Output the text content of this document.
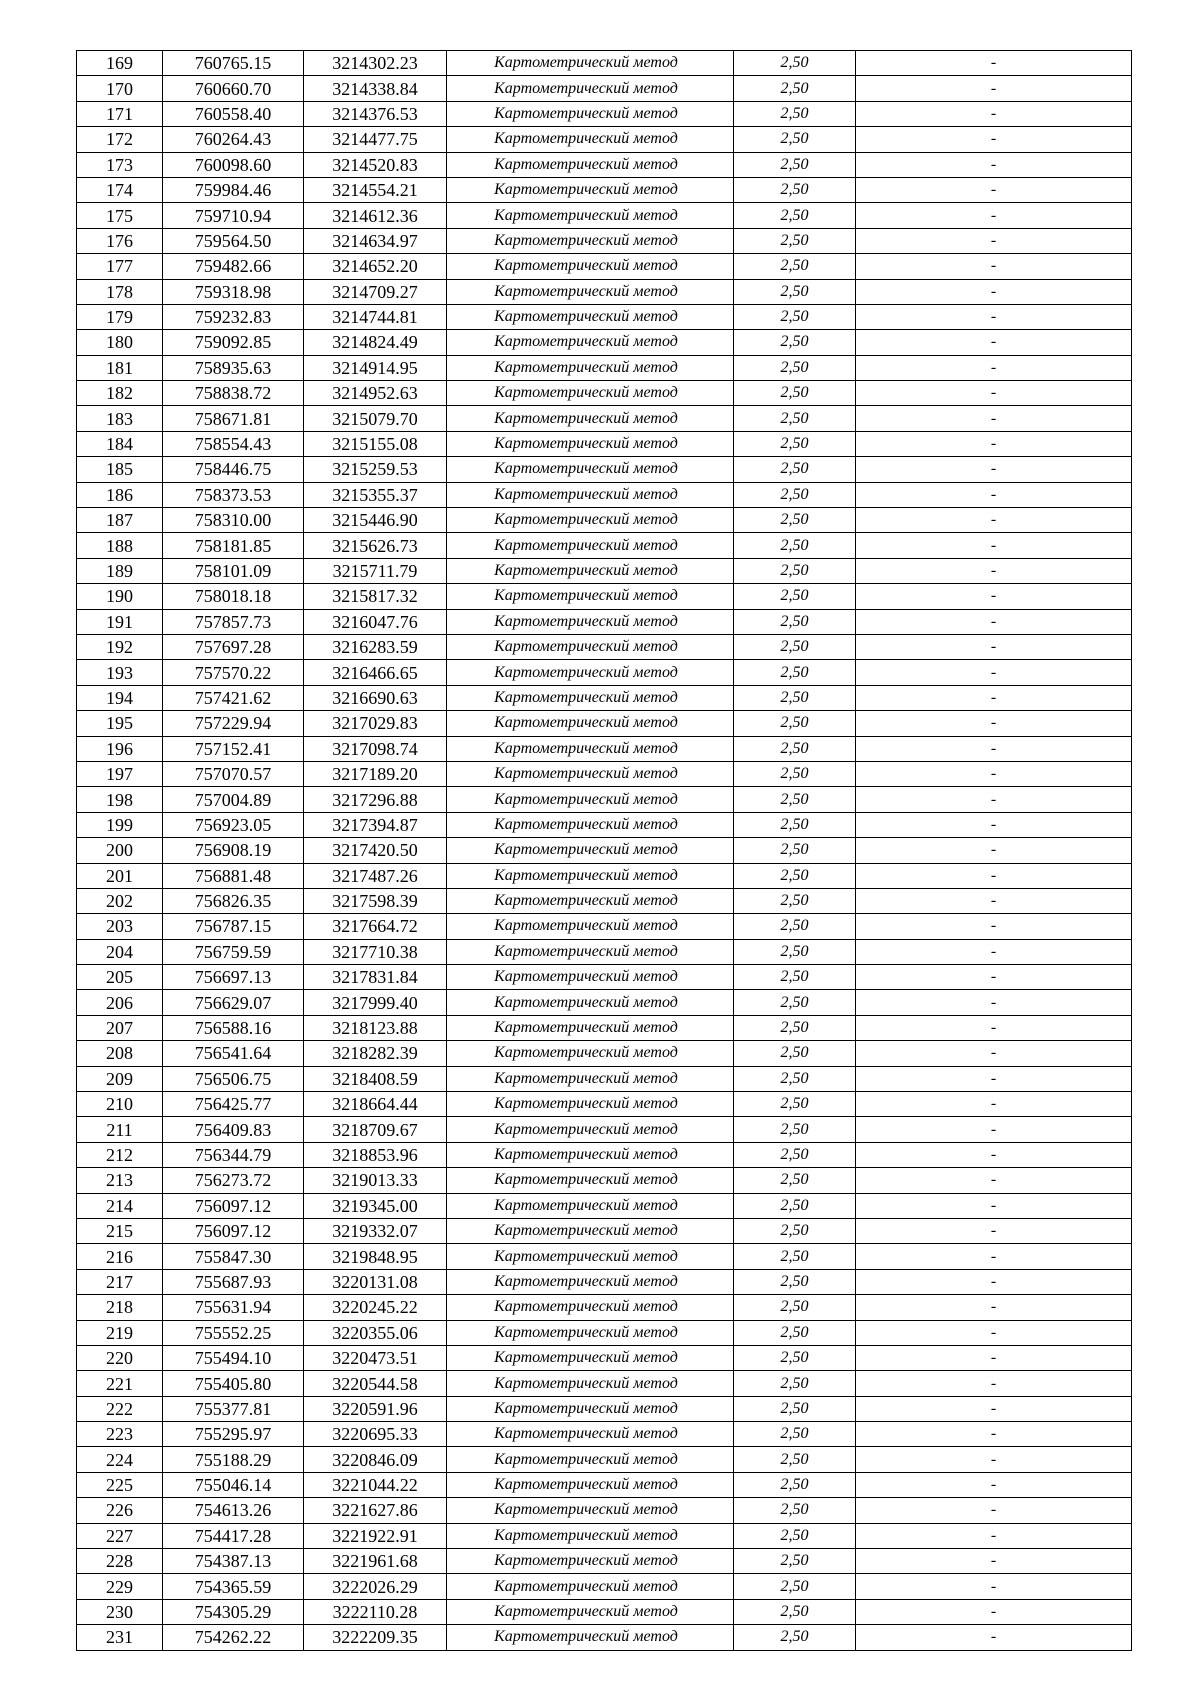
169	760765.15	3214302.23	Картометрический метод	2,50	-
170	760660.70	3214338.84	Картометрический метод	2,50	-
171	760558.40	3214376.53	Картометрический метод	2,50	-
172	760264.43	3214477.75	Картометрический метод	2,50	-
173	760098.60	3214520.83	Картометрический метод	2,50	-
174	759984.46	3214554.21	Картометрический метод	2,50	-
175	759710.94	3214612.36	Картометрический метод	2,50	-
176	759564.50	3214634.97	Картометрический метод	2,50	-
177	759482.66	3214652.20	Картометрический метод	2,50	-
178	759318.98	3214709.27	Картометрический метод	2,50	-
179	759232.83	3214744.81	Картометрический метод	2,50	-
180	759092.85	3214824.49	Картометрический метод	2,50	-
181	758935.63	3214914.95	Картометрический метод	2,50	-
182	758838.72	3214952.63	Картометрический метод	2,50	-
183	758671.81	3215079.70	Картометрический метод	2,50	-
184	758554.43	3215155.08	Картометрический метод	2,50	-
185	758446.75	3215259.53	Картометрический метод	2,50	-
186	758373.53	3215355.37	Картометрический метод	2,50	-
187	758310.00	3215446.90	Картометрический метод	2,50	-
188	758181.85	3215626.73	Картометрический метод	2,50	-
189	758101.09	3215711.79	Картометрический метод	2,50	-
190	758018.18	3215817.32	Картометрический метод	2,50	-
191	757857.73	3216047.76	Картометрический метод	2,50	-
192	757697.28	3216283.59	Картометрический метод	2,50	-
193	757570.22	3216466.65	Картометрический метод	2,50	-
194	757421.62	3216690.63	Картометрический метод	2,50	-
195	757229.94	3217029.83	Картометрический метод	2,50	-
196	757152.41	3217098.74	Картометрический метод	2,50	-
197	757070.57	3217189.20	Картометрический метод	2,50	-
198	757004.89	3217296.88	Картометрический метод	2,50	-
199	756923.05	3217394.87	Картометрический метод	2,50	-
200	756908.19	3217420.50	Картометрический метод	2,50	-
201	756881.48	3217487.26	Картометрический метод	2,50	-
202	756826.35	3217598.39	Картометрический метод	2,50	-
203	756787.15	3217664.72	Картометрический метод	2,50	-
204	756759.59	3217710.38	Картометрический метод	2,50	-
205	756697.13	3217831.84	Картометрический метод	2,50	-
206	756629.07	3217999.40	Картометрический метод	2,50	-
207	756588.16	3218123.88	Картометрический метод	2,50	-
208	756541.64	3218282.39	Картометрический метод	2,50	-
209	756506.75	3218408.59	Картометрический метод	2,50	-
210	756425.77	3218664.44	Картометрический метод	2,50	-
211	756409.83	3218709.67	Картометрический метод	2,50	-
212	756344.79	3218853.96	Картометрический метод	2,50	-
213	756273.72	3219013.33	Картометрический метод	2,50	-
214	756097.12	3219345.00	Картометрический метод	2,50	-
215	756097.12	3219332.07	Картометрический метод	2,50	-
216	755847.30	3219848.95	Картометрический метод	2,50	-
217	755687.93	3220131.08	Картометрический метод	2,50	-
218	755631.94	3220245.22	Картометрический метод	2,50	-
219	755552.25	3220355.06	Картометрический метод	2,50	-
220	755494.10	3220473.51	Картометрический метод	2,50	-
221	755405.80	3220544.58	Картометрический метод	2,50	-
222	755377.81	3220591.96	Картометрический метод	2,50	-
223	755295.97	3220695.33	Картометрический метод	2,50	-
224	755188.29	3220846.09	Картометрический метод	2,50	-
225	755046.14	3221044.22	Картометрический метод	2,50	-
226	754613.26	3221627.86	Картометрический метод	2,50	-
227	754417.28	3221922.91	Картометрический метод	2,50	-
228	754387.13	3221961.68	Картометрический метод	2,50	-
229	754365.59	3222026.29	Картометрический метод	2,50	-
230	754305.29	3222110.28	Картометрический метод	2,50	-
231	754262.22	3222209.35	Картометрический метод	2,50	-
